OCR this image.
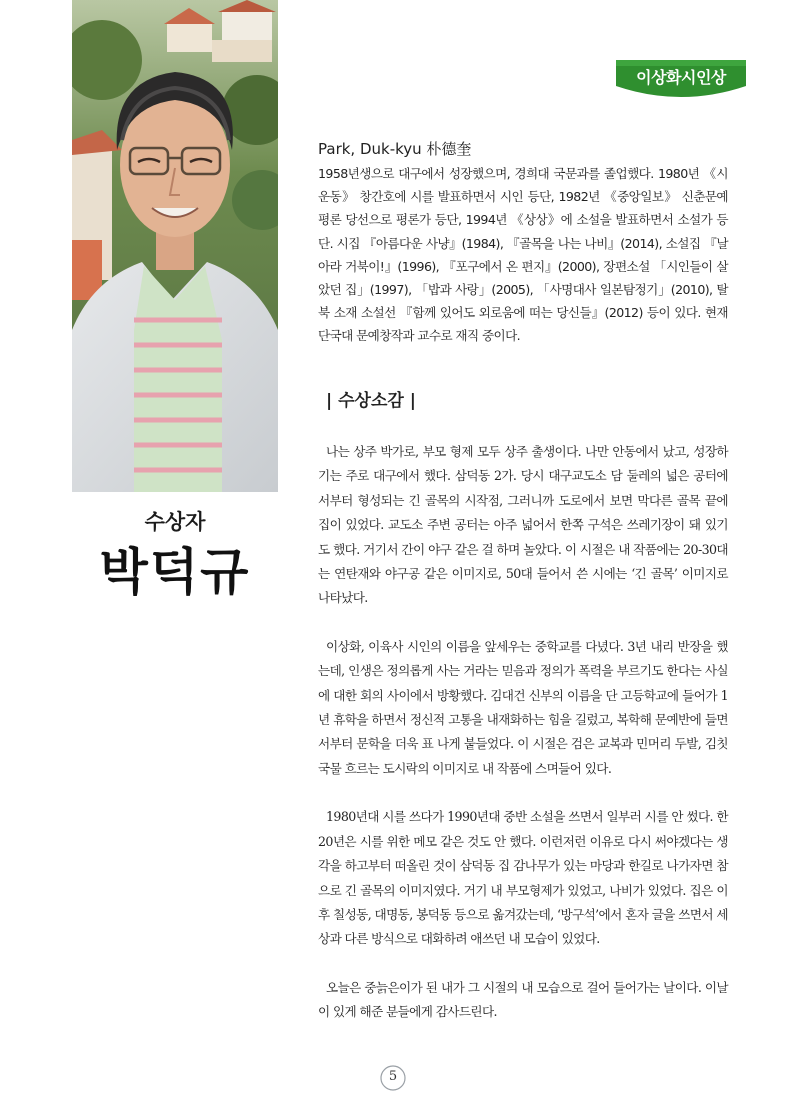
이상화시인상
수상자
박덕규
Park, Duk-kyu 朴德奎
1958년생으로 대구에서 성장했으며, 경희대 국문과를 졸업했다. 1980년 《시운동》 창간호에 시를 발표하면서 시인 등단, 1982년 《중앙일보》 신춘문예 평론 당선으로 평론가 등단, 1994년 《상상》에 소설을 발표하면서 소설가 등단. 시집 『아름다운 사냥』(1984), 『골목을 나는 나비』(2014), 소설집 『날아라 거북이!』(1996), 『포구에서 온 편지』(2000), 장편소설 「시인들이 살았던 집」(1997), 「밥과 사랑」(2005), 「사명대사 일본탐정기」(2010), 탈북 소재 소설선 『함께 있어도 외로움에 떠는 당신들』(2012) 등이 있다. 현재 단국대 문예창작과 교수로 재직 중이다.
| 수상소감 |

나는 상주 박가로, 부모 형제 모두 상주 출생이다. 나만 안동에서 났고, 성장하기는 주로 대구에서 했다. 삼덕동 2가. 당시 대구교도소 담 둘레의 넓은 공터에서부터 형성되는 긴 골목의 시작점, 그러니까 도로에서 보면 막다른 골목 끝에 집이 있었다. 교도소 주변 공터는 아주 넓어서 한쪽 구석은 쓰레기장이 돼 있기도 했다. 거기서 간이 야구 같은 걸 하며 놀았다. 이 시절은 내 작품에는 20-30대는 연탄재와 야구공 같은 이미지로, 50대 들어서 쓴 시에는 ‘긴 골목’ 이미지로 나타났다.

이상화, 이육사 시인의 이름을 앞세우는 중학교를 다녔다. 3년 내리 반장을 했는데, 인생은 정의롭게 사는 거라는 믿음과 정의가 폭력을 부르기도 한다는 사실에 대한 회의 사이에서 방황했다. 김대건 신부의 이름을 단 고등학교에 들어가 1년 휴학을 하면서 정신적 고통을 내재화하는 힘을 길렀고, 복학해 문예반에 들면서부터 문학을 더욱 표 나게 붙들었다. 이 시절은 검은 교복과 민머리 두발, 김칫국물 흐르는 도시락의 이미지로 내 작품에 스며들어 있다.

1980년대 시를 쓰다가 1990년대 중반 소설을 쓰면서 일부러 시를 안 썼다. 한 20년은 시를 위한 메모 같은 것도 안 했다. 이런저런 이유로 다시 써야겠다는 생각을 하고부터 떠올린 것이 삼덕동 집 감나무가 있는 마당과 한길로 나가자면 참으로 긴 골목의 이미지였다. 거기 내 부모형제가 있었고, 나비가 있었다. 집은 이후 칠성동, 대명동, 봉덕동 등으로 옮겨갔는데, ‘방구석’에서 혼자 글을 쓰면서 세상과 다른 방식으로 대화하려 애쓰던 내 모습이 있었다.

오늘은 중늙은이가 된 내가 그 시절의 내 모습으로 걸어 들어가는 날이다. 이날이 있게 해준 분들에게 감사드린다.

5
